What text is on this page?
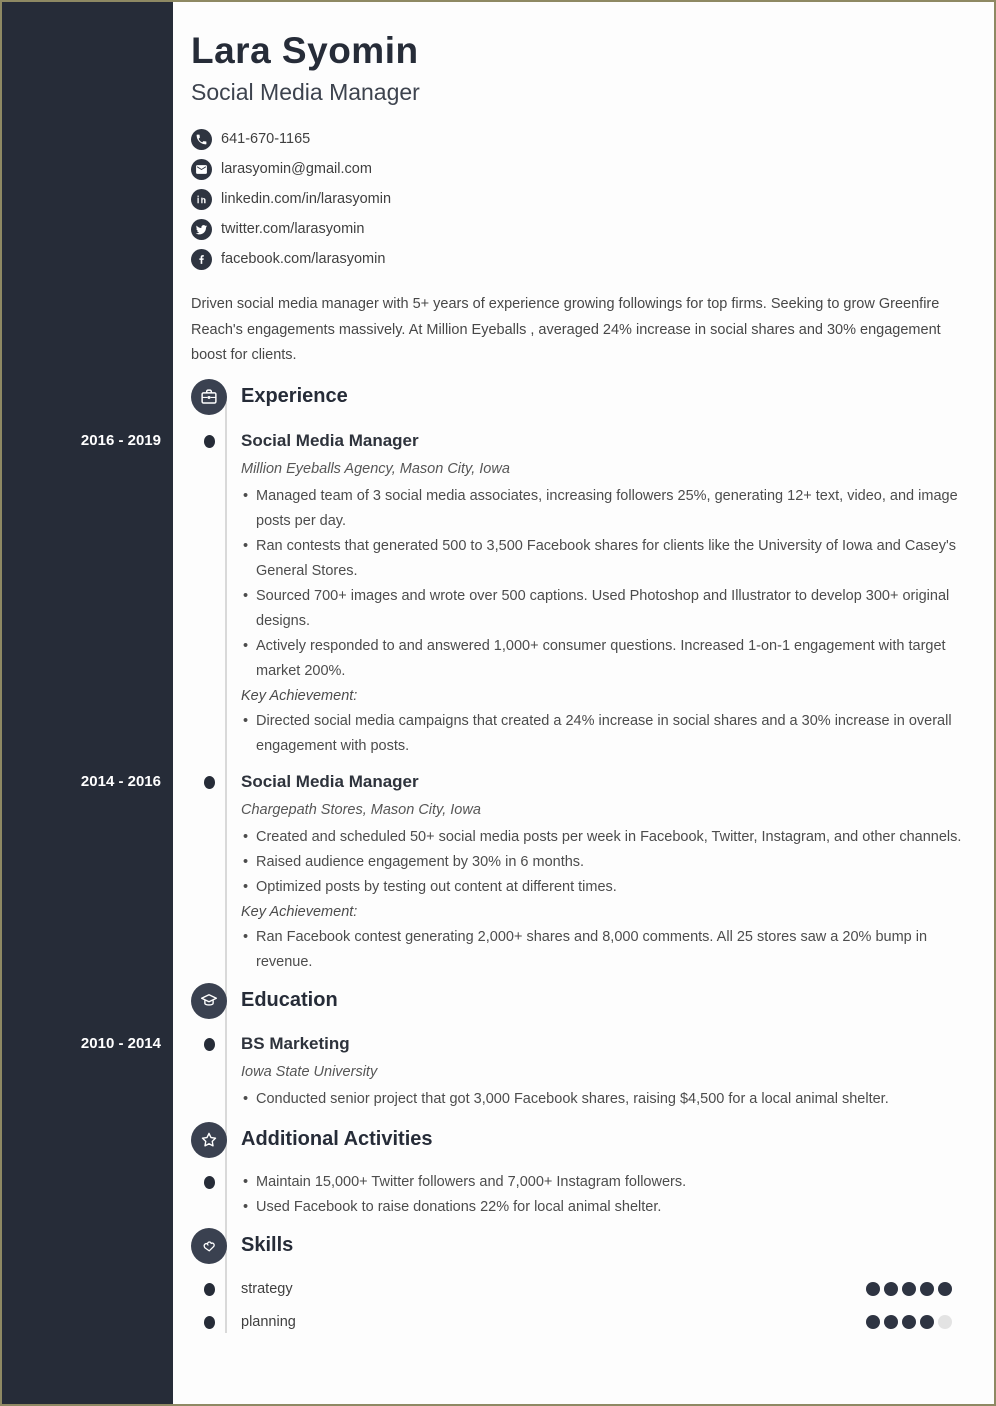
Lara Syomin
Social Media Manager
641-670-1165
larasyomin@gmail.com
linkedin.com/in/larasyomin
twitter.com/larasyomin
facebook.com/larasyomin
Driven social media manager with 5+ years of experience growing followings for top firms. Seeking to grow Greenfire Reach's engagements massively. At Million Eyeballs , averaged 24% increase in social shares and 30% engagement boost for clients.
Experience
2016 - 2019	Social Media Manager
Million Eyeballs Agency, Mason City, Iowa
• Managed team of 3 social media associates, increasing followers 25%, generating 12+ text, video, and image posts per day.
• Ran contests that generated 500 to 3,500 Facebook shares for clients like the University of Iowa and Casey's General Stores.
• Sourced 700+ images and wrote over 500 captions. Used Photoshop and Illustrator to develop 300+ original designs.
• Actively responded to and answered 1,000+ consumer questions. Increased 1-on-1 engagement with target market 200%.
Key Achievement:
• Directed social media campaigns that created a 24% increase in social shares and a 30% increase in overall engagement with posts.
2014 - 2016	Social Media Manager
Chargepath Stores, Mason City, Iowa
• Created and scheduled 50+ social media posts per week in Facebook, Twitter, Instagram, and other channels.
• Raised audience engagement by 30% in 6 months.
• Optimized posts by testing out content at different times.
Key Achievement:
• Ran Facebook contest generating 2,000+ shares and 8,000 comments. All 25 stores saw a 20% bump in revenue.
Education
2010 - 2014	BS Marketing
Iowa State University
• Conducted senior project that got 3,000 Facebook shares, raising $4,500 for a local animal shelter.
Additional Activities
• Maintain 15,000+ Twitter followers and 7,000+ Instagram followers.
• Used Facebook to raise donations 22% for local animal shelter.
Skills
strategy
planning
